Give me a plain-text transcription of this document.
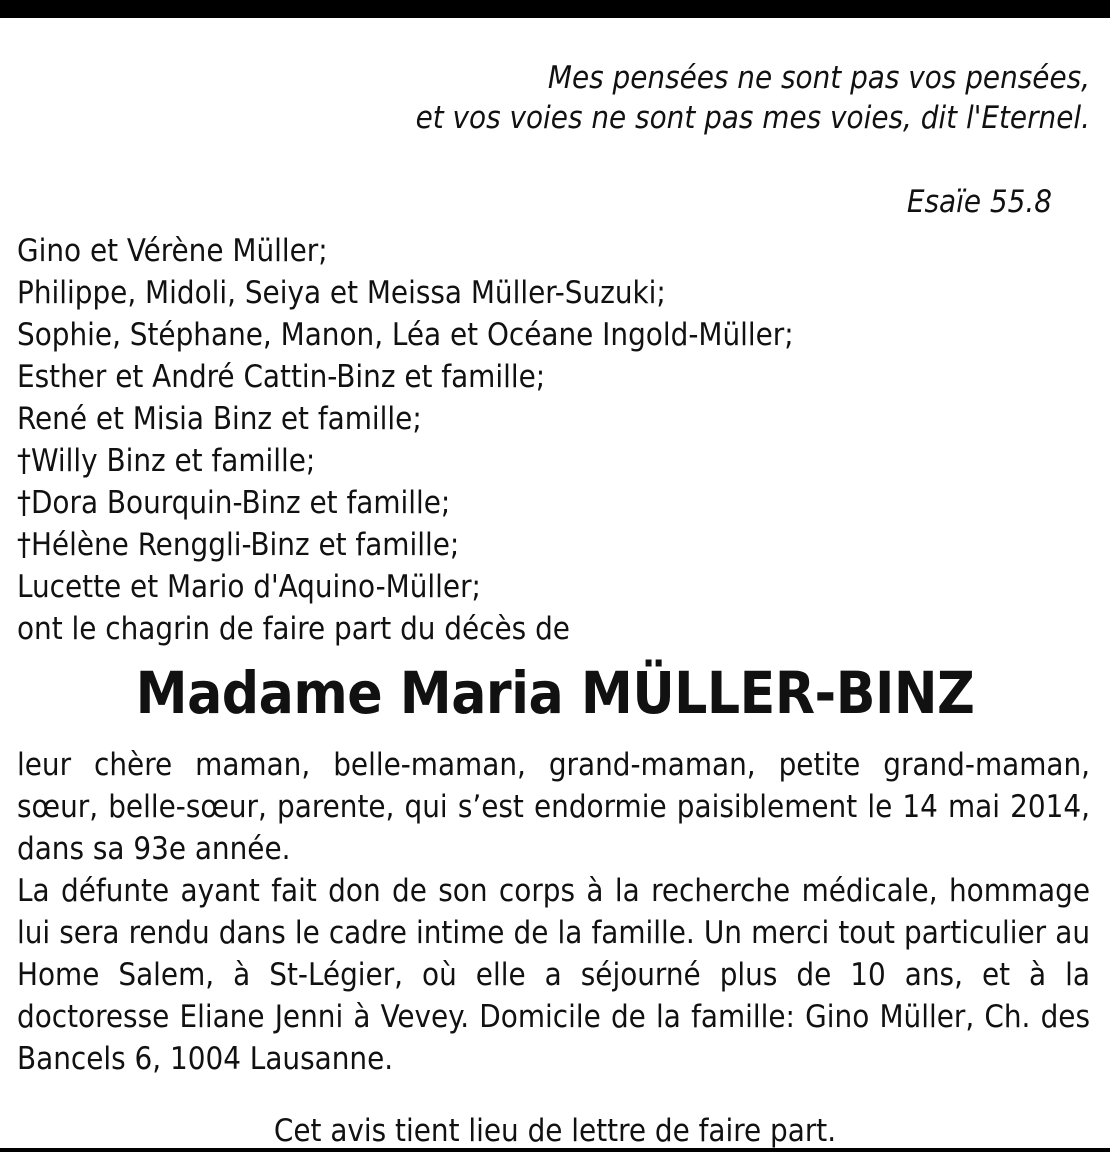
Mes pensées ne sont pas vos pensées,
et vos voies ne sont pas mes voies, dit l'Eternel.
Esaïe 55.8
Gino et Vérène Müller;
Philippe, Midoli, Seiya et Meissa Müller-Suzuki;
Sophie, Stéphane, Manon, Léa et Océane Ingold-Müller;
Esther et André Cattin-Binz et famille;
René et Misia Binz et famille;
†Willy Binz et famille;
†Dora Bourquin-Binz et famille;
†Hélène Renggli-Binz et famille;
Lucette et Mario d'Aquino-Müller;
ont le chagrin de faire part du décès de
Madame Maria MÜLLER-BINZ

leur chère maman, belle-maman, grand-maman, petite grand-maman, sœur, belle-sœur, parente, qui s’est endormie paisiblement le 14 mai 2014, dans sa 93e année.

La défunte ayant fait don de son corps à la recherche médicale, hommage lui sera rendu dans le cadre intime de la famille. Un merci tout particulier au Home Salem, à St-Légier, où elle a séjourné plus de 10 ans, et à la doctoresse Eliane Jenni à Vevey. Domicile de la famille: Gino Müller, Ch. des Bancels 6, 1004 Lausanne.

Cet avis tient lieu de lettre de faire part.
